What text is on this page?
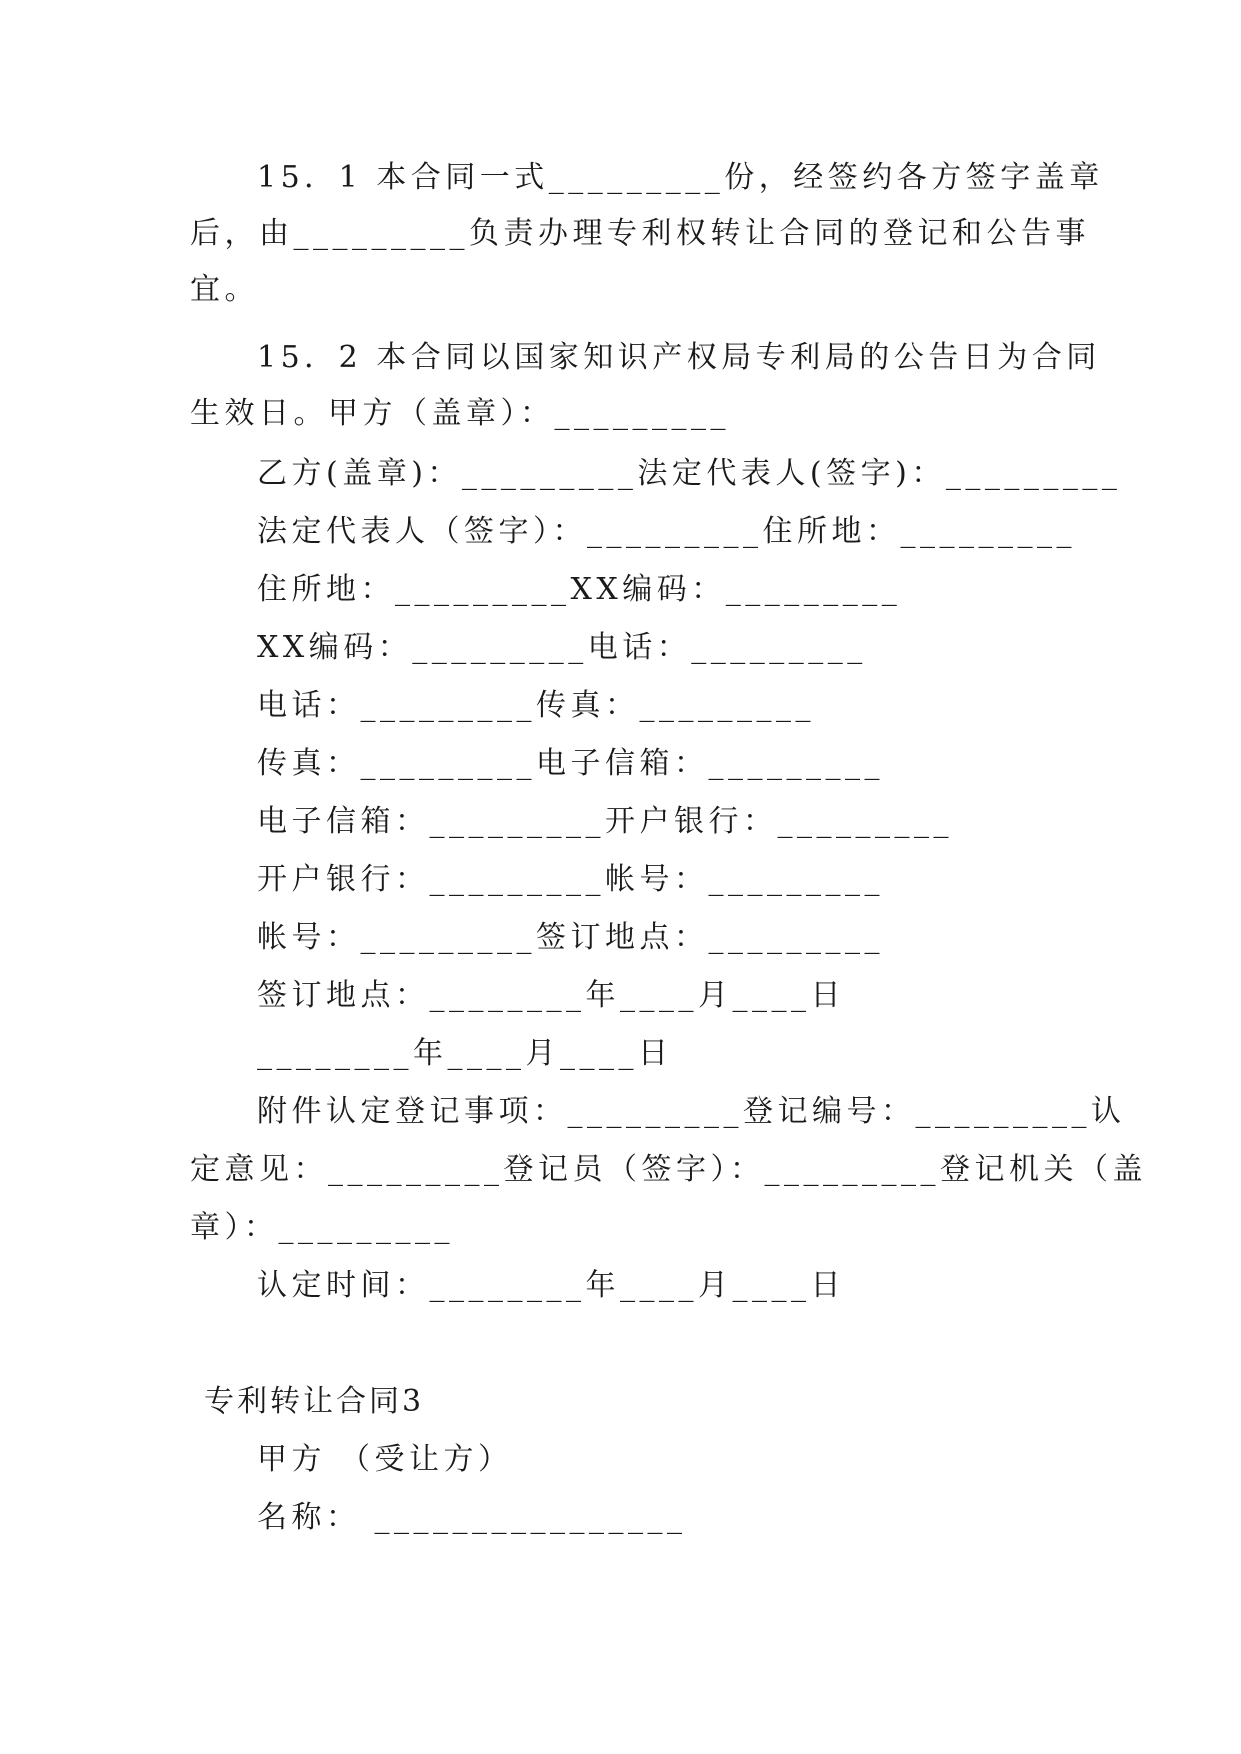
15．1 本合同一式_________份，经签约各方签字盖章
后，由_________负责办理专利权转让合同的登记和公告事
宜。
15．2 本合同以国家知识产权局专利局的公告日为合同
生效日。甲方（盖章）：_________
乙方(盖章)：_________法定代表人(签字)：_________
法定代表人（签字）：_________住所地：_________
住所地：_________XX编码：_________
XX编码：_________电话：_________
电话：_________传真：_________
传真：_________电子信箱：_________
电子信箱：_________开户银行：_________
开户银行：_________帐号：_________
帐号：_________签订地点：_________
签订地点：________年____月____日
________年____月____日
附件认定登记事项：_________登记编号：_________认
定意见：_________登记员（签字）：_________登记机关（盖
章）：_________
认定时间：________年____月____日
专利转让合同3
甲方 （受让方）
名称： ________________
